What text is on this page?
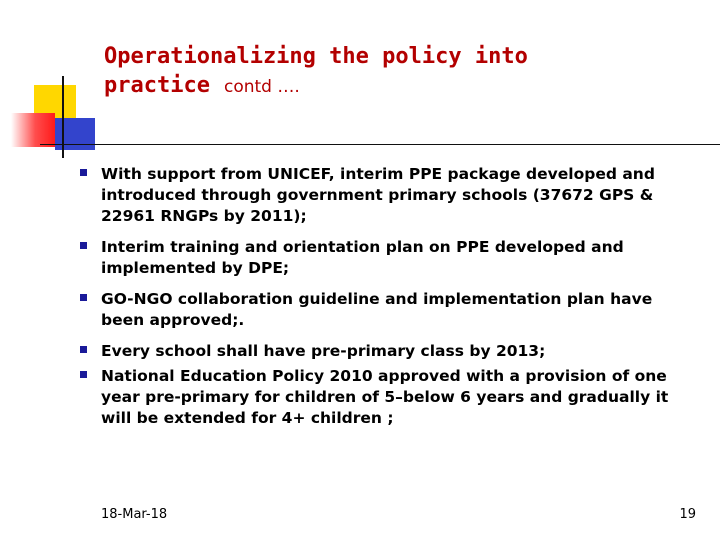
Operationalizing the policy into
practice contd ….
With support from UNICEF, interim PPE package developed and introduced through government primary schools (37672 GPS & 22961 RNGPs by 2011);
Interim training and orientation plan on PPE developed and implemented by DPE;
GO-NGO collaboration guideline and implementation plan have been approved;.
Every school shall have pre-primary class by 2013;
National Education Policy 2010 approved with a provision of one year pre-primary for children of 5–below 6 years and gradually it will be extended for 4+ children ;
18-Mar-18	19
